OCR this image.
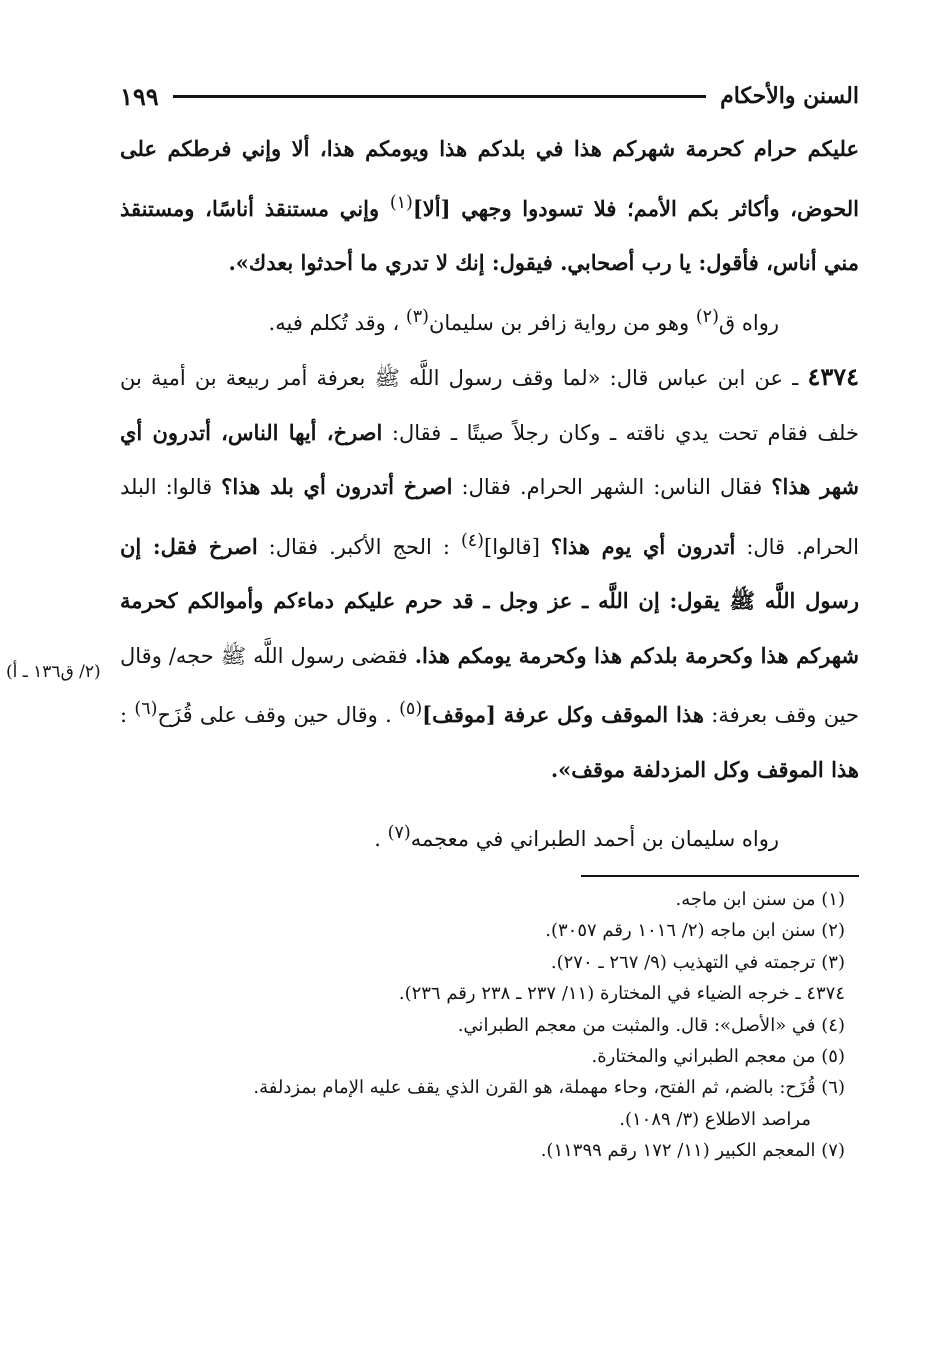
السنن والأحكام
١٩٩

عليكم حرام كحرمة شهركم هذا في بلدكم هذا ويومكم هذا، ألا وإني فرطكم على الحوض، وأكاثر بكم الأمم؛ فلا تسودوا وجهي [ألا]$^{(١)}$ وإني مستنقذ أناسًا، ومستنقذ مني أناس، فأقول: يا رب أصحابي. فيقول: إنك لا تدري ما أحدثوا بعدك».

رواه ق$^{(٢)}$ وهو من رواية زافر بن سليمان$^{(٣)}$ ، وقد تُكلم فيه.

٤٣٧٤ ـ عن ابن عباس قال: «لما وقف رسول اللَّه ﷺ بعرفة أمر ربيعة بن أمية بن خلف فقام تحت يدي ناقته ـ وكان رجلاً صيتًا ـ فقال: اصرخ، أيها الناس، أتدرون أي شهر هذا؟ فقال الناس: الشهر الحرام. فقال: اصرخ أتدرون أي بلد هذا؟ قالوا: البلد الحرام. قال: أتدرون أي يوم هذا؟ [قالوا]$^{(٤)}$ : الحج الأكبر. فقال: اصرخ فقل: إن رسول اللَّه ﷺ يقول: إن اللَّه ـ عز وجل ـ قد حرم عليكم دماءكم وأموالكم كحرمة شهركم هذا وكحرمة بلدكم هذا وكحرمة يومكم هذا. فقضى رسول اللَّه ﷺ حجه/ وقال حين وقف بعرفة: هذا الموقف وكل عرفة [موقف]$^{(٥)}$ . وقال حين وقف على قُزَح$^{(٦)}$ : هذا الموقف وكل المزدلفة موقف».

رواه سليمان بن أحمد الطبراني في معجمه$^{(٧)}$ .

(٢/ ق١٣٦ ـ أ)
(١) من سنن ابن ماجه.
(٢) سنن ابن ماجه (٢/ ١٠١٦ رقم ٣٠٥٧).
(٣) ترجمته في التهذيب (٩/ ٢٦٧ ـ ٢٧٠).
٤٣٧٤ ـ خرجه الضياء في المختارة (١١/ ٢٣٧ ـ ٢٣٨ رقم ٢٣٦).
(٤) في «الأصل»: قال. والمثبت من معجم الطبراني.
(٥) من معجم الطبراني والمختارة.
(٦) قُزَح: بالضم، ثم الفتح، وحاء مهملة، هو القرن الذي يقف عليه الإمام بمزدلفة.
مراصد الاطلاع (٣/ ١٠٨٩).
(٧) المعجم الكبير (١١/ ١٧٢ رقم ١١٣٩٩).
